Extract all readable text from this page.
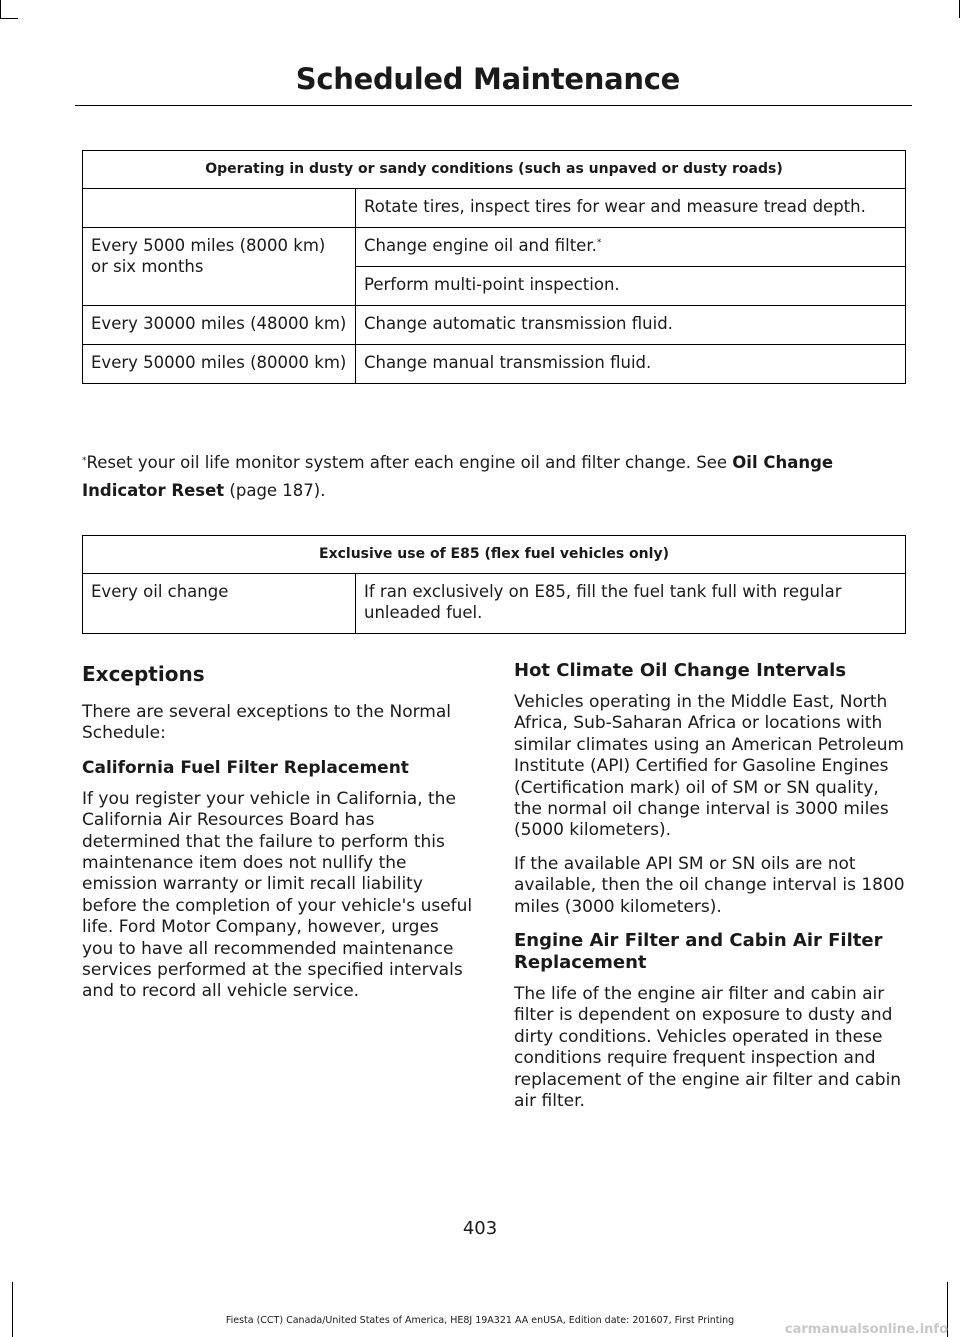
Scheduled Maintenance
Operating in dusty or sandy conditions (such as unpaved or dusty roads)	
	Rotate tires, inspect tires for wear and measure tread depth.
Every 5000 miles (8000 km) or six months	Change engine oil and filter.*
	Perform multi-point inspection.
Every 30000 miles (48000 km)	Change automatic transmission fluid.
Every 50000 miles (80000 km)	Change manual transmission fluid.
*Reset your oil life monitor system after each engine oil and filter change. See Oil Change Indicator Reset (page 187).
Exclusive use of E85 (flex fuel vehicles only)
Every oil change	If ran exclusively on E85, fill the fuel tank full with regular unleaded fuel.
Exceptions

There are several exceptions to the Normal Schedule:

California Fuel Filter Replacement

If you register your vehicle in California, the California Air Resources Board has determined that the failure to perform this maintenance item does not nullify the emission warranty or limit recall liability before the completion of your vehicle's useful life. Ford Motor Company, however, urges you to have all recommended maintenance services performed at the specified intervals and to record all vehicle service.

Hot Climate Oil Change Intervals

Vehicles operating in the Middle East, North Africa, Sub-Saharan Africa or locations with similar climates using an American Petroleum Institute (API) Certified for Gasoline Engines (Certification mark) oil of SM or SN quality, the normal oil change interval is 3000 miles (5000 kilometers).

If the available API SM or SN oils are not available, then the oil change interval is 1800 miles (3000 kilometers).

Engine Air Filter and Cabin Air Filter Replacement

The life of the engine air filter and cabin air filter is dependent on exposure to dusty and dirty conditions. Vehicles operated in these conditions require frequent inspection and replacement of the engine air filter and cabin air filter.

403
Fiesta (CCT) Canada/United States of America, HE8J 19A321 AA enUSA, Edition date: 201607, First Printing
carmanualsonline.info
